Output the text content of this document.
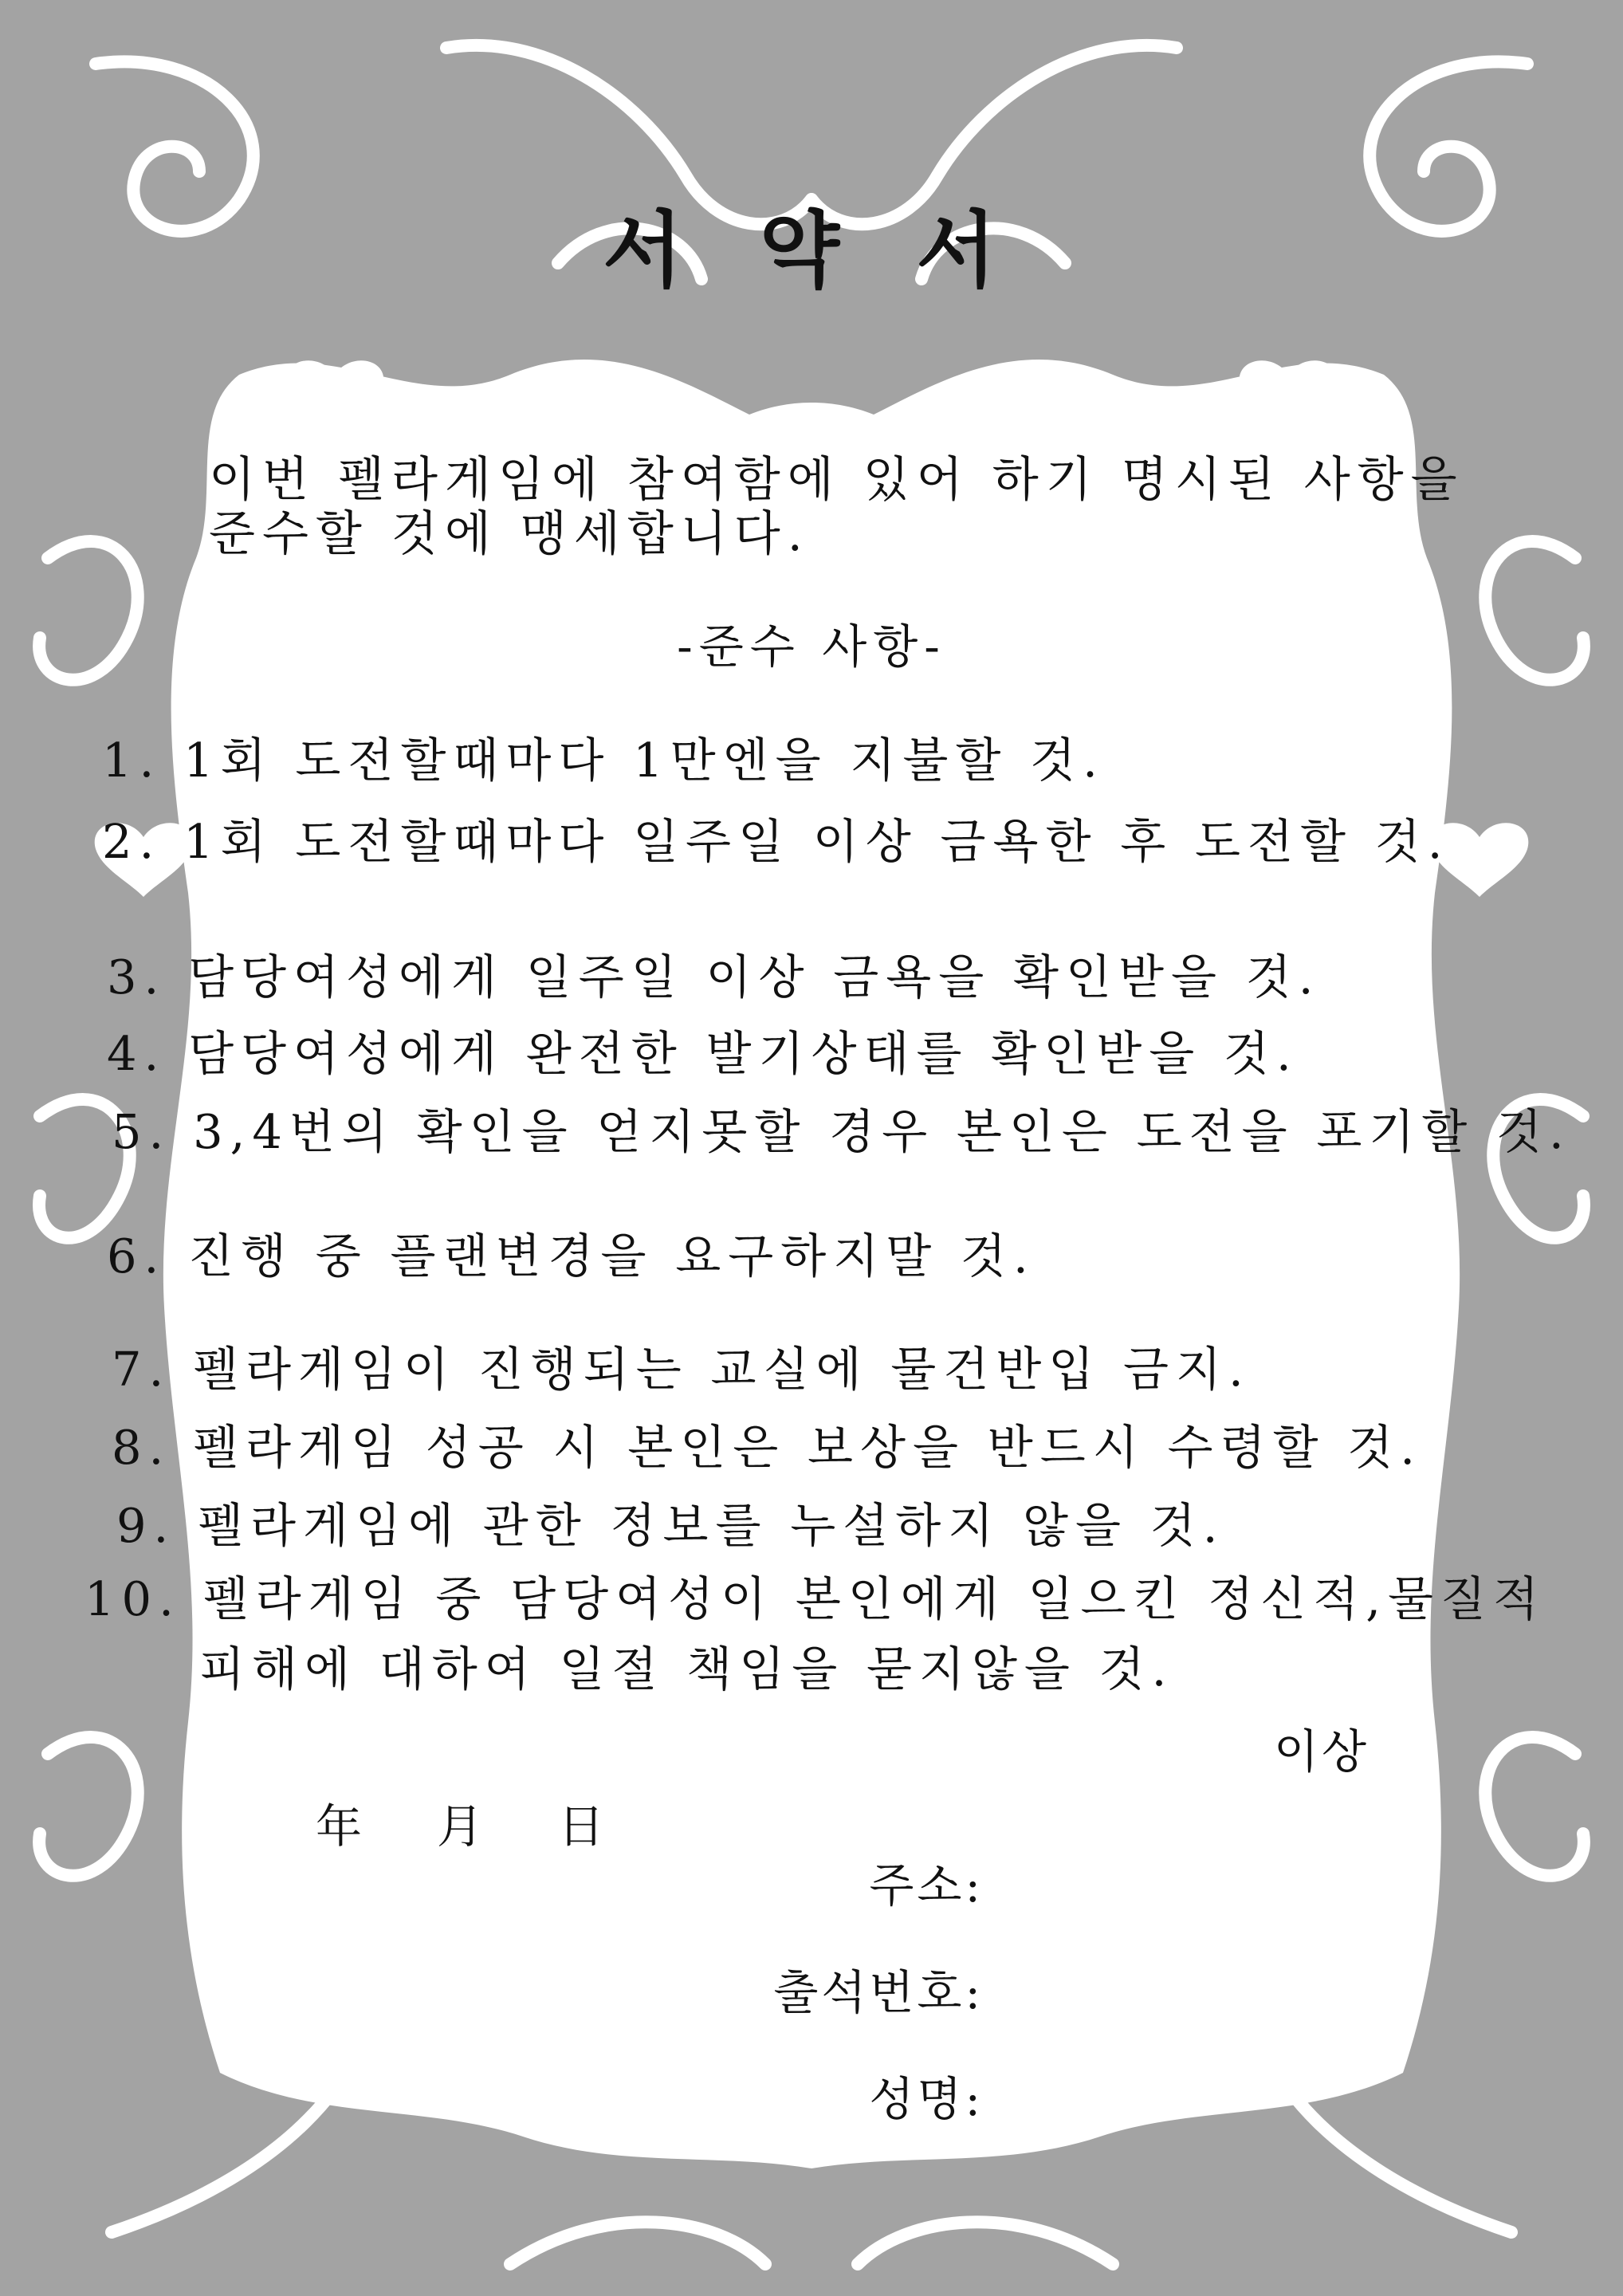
서 약 서
이번 펠라게임에 참여함에 있어 하기 명시된 사항을
준수할 것에 맹세합니다.
-준수 사항-
1. 1회 도전할때마다 1만엔을 지불할 것.
2. 1회 도전할때마다 일주일 이상 금욕한 후 도전할 것.
3. 담당여성에게 일주일 이상 금욕을 확인받을 것.
4. 담당여성에게 완전한 발기상태를 확인받을 것.
5. 3,4번의 확인을 얻지못할 경우 본인은 도전을 포기할 것.
6. 진행 중 플랜변경을 요구하지말 것.
7. 펠라게임이 진행되는 교실에 물건반입 금지.
8. 펠라게임 성공 시 본인은 보상을 반드시 수령할 것.
9. 펠라게임에 관한 정보를 누설하지 않을 것.
10. 펠라게임 중 담당여성이 본인에게 일으킨 정신적,물질적
피해에 대하여 일절 책임을 묻지않을 것.
이상
年 月 日
주소:
출석번호:
성명:
